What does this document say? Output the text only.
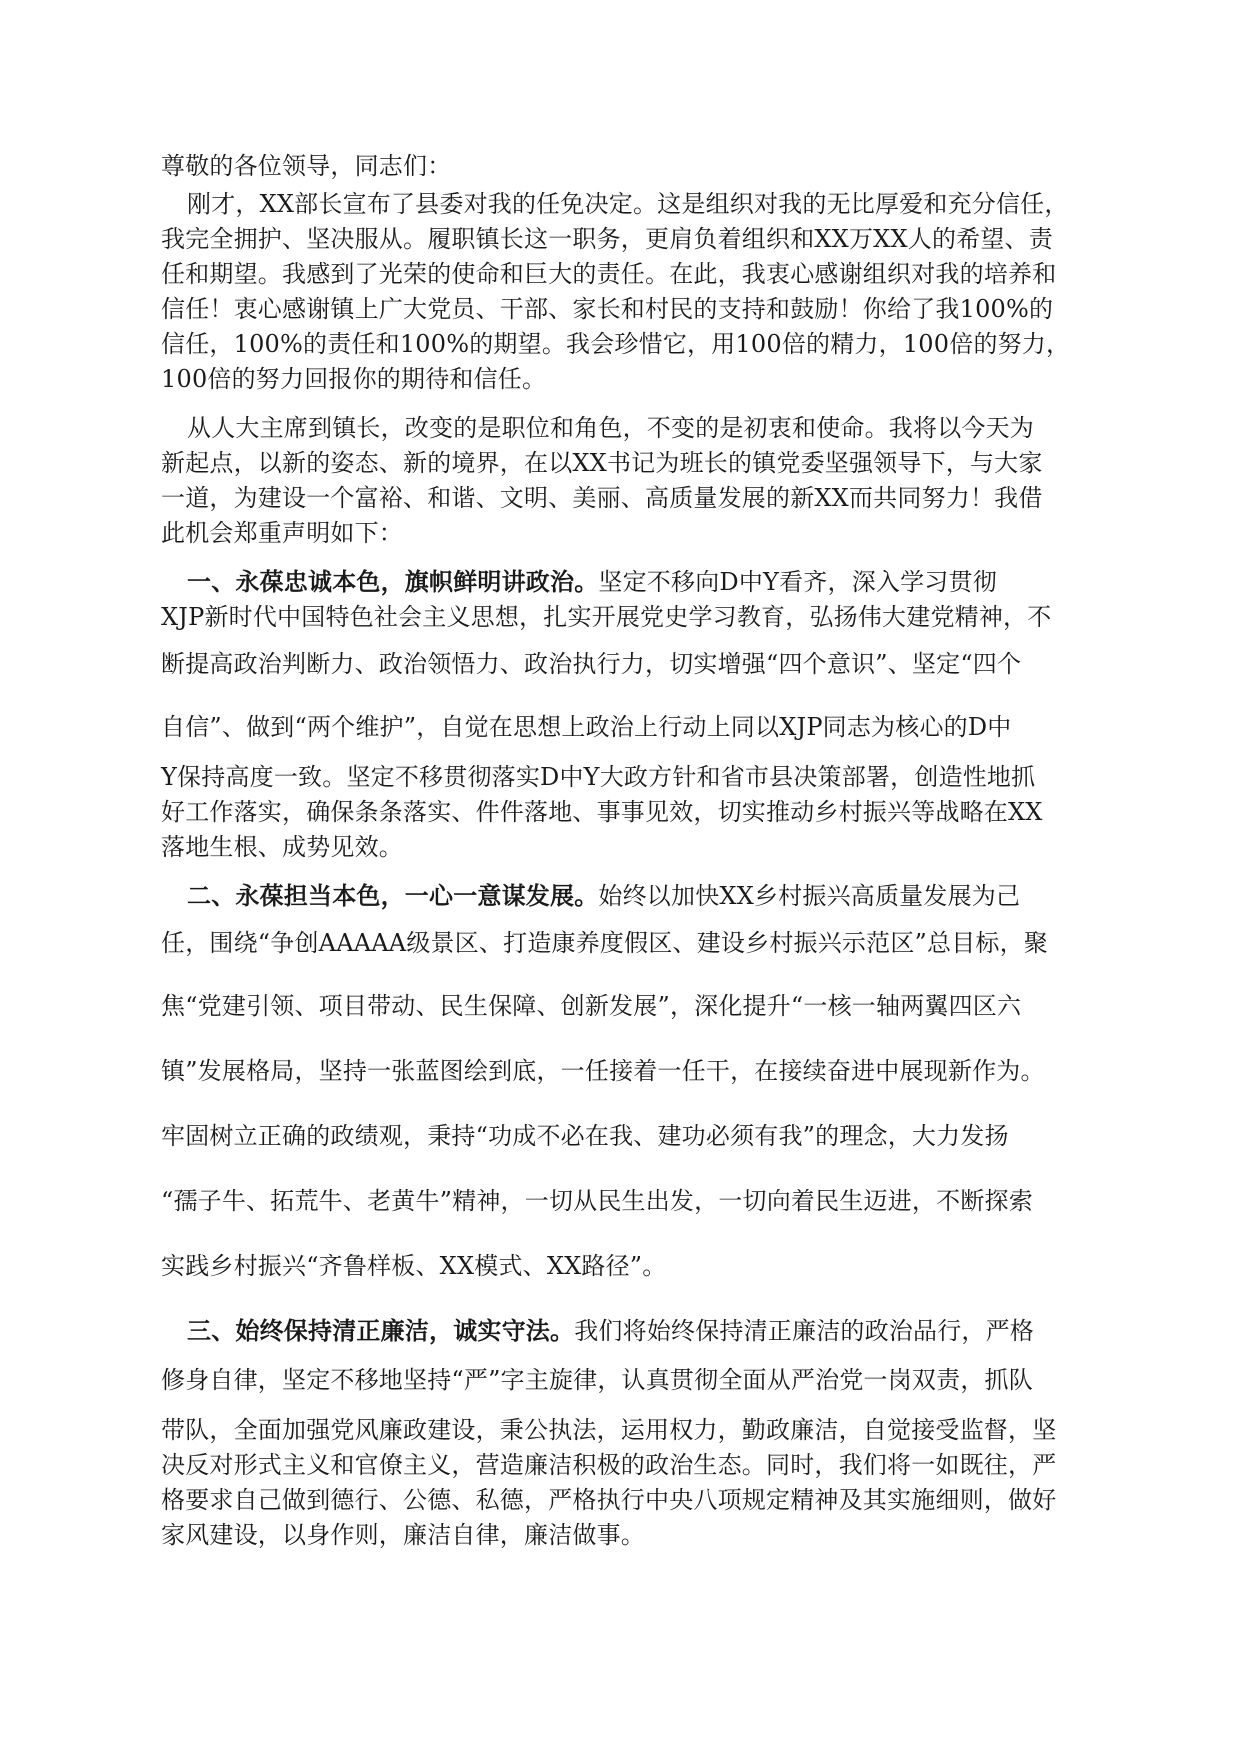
尊敬的各位领导，同志们：
刚才，XX部长宣布了县委对我的任免决定。这是组织对我的无比厚爱和充分信任，
我完全拥护、坚决服从。履职镇长这一职务，更肩负着组织和XX万XX人的希望、责
任和期望。我感到了光荣的使命和巨大的责任。在此，我衷心感谢组织对我的培养和
信任！衷心感谢镇上广大党员、干部、家长和村民的支持和鼓励！你给了我100%的
信任，100%的责任和100%的期望。我会珍惜它，用100倍的精力，100倍的努力，
100倍的努力回报你的期待和信任。
从人大主席到镇长，改变的是职位和角色，不变的是初衷和使命。我将以今天为
新起点，以新的姿态、新的境界，在以XX书记为班长的镇党委坚强领导下，与大家
一道，为建设一个富裕、和谐、文明、美丽、高质量发展的新XX而共同努力！我借
此机会郑重声明如下：
一、永葆忠诚本色，旗帜鲜明讲政治。坚定不移向D中Y看齐，深入学习贯彻
XJP新时代中国特色社会主义思想，扎实开展党史学习教育，弘扬伟大建党精神，不
断提高政治判断力、政治领悟力、政治执行力，切实增强“四个意识”、坚定“四个
自信”、做到“两个维护”，自觉在思想上政治上行动上同以XJP同志为核心的D中
Y保持高度一致。坚定不移贯彻落实D中Y大政方针和省市县决策部署，创造性地抓
好工作落实，确保条条落实、件件落地、事事见效，切实推动乡村振兴等战略在XX
落地生根、成势见效。
二、永葆担当本色，一心一意谋发展。始终以加快XX乡村振兴高质量发展为己
任，围绕“争创AAAAA级景区、打造康养度假区、建设乡村振兴示范区”总目标，聚
焦“党建引领、项目带动、民生保障、创新发展”，深化提升“一核一轴两翼四区六
镇”发展格局，坚持一张蓝图绘到底，一任接着一任干，在接续奋进中展现新作为。
牢固树立正确的政绩观，秉持“功成不必在我、建功必须有我”的理念，大力发扬
“孺子牛、拓荒牛、老黄牛”精神，一切从民生出发，一切向着民生迈进，不断探索
实践乡村振兴“齐鲁样板、XX模式、XX路径”。
三、始终保持清正廉洁，诚实守法。我们将始终保持清正廉洁的政治品行，严格
修身自律，坚定不移地坚持“严”字主旋律，认真贯彻全面从严治党一岗双责，抓队
带队，全面加强党风廉政建设，秉公执法，运用权力，勤政廉洁，自觉接受监督，坚
决反对形式主义和官僚主义，营造廉洁积极的政治生态。同时，我们将一如既往，严
格要求自己做到德行、公德、私德，严格执行中央八项规定精神及其实施细则，做好
家风建设，以身作则，廉洁自律，廉洁做事。
